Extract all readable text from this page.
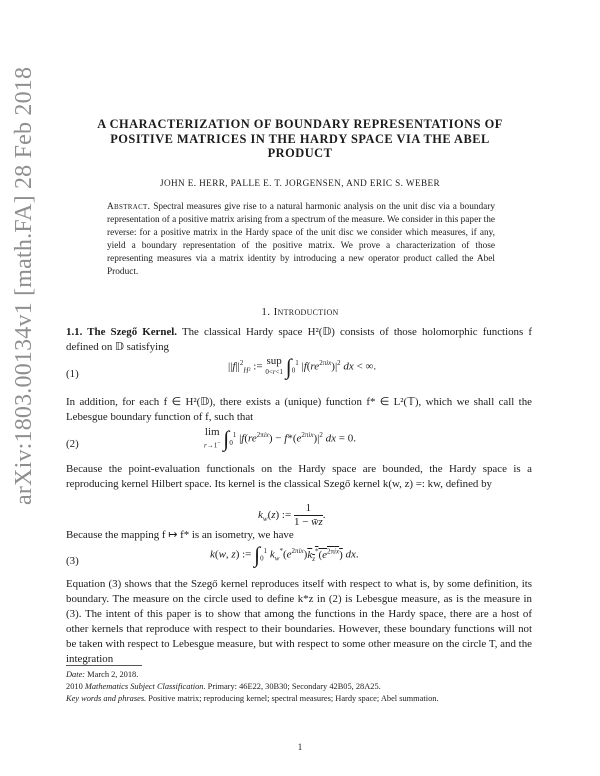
arXiv:1803.00134v1 [math.FA] 28 Feb 2018	A CHARACTERIZATION OF BOUNDARY REPRESENTATIONS OF POSITIVE MATRICES IN THE HARDY SPACE VIA THE ABEL PRODUCT
JOHN E. HERR, PALLE E. T. JORGENSEN, AND ERIC S. WEBER

Abstract. Spectral measures give rise to a natural harmonic analysis on the unit disc via a boundary representation of a positive matrix arising from a spectrum of the measure. We consider in this paper the reverse: for a positive matrix in the Hardy space of the unit disc we consider which measures, if any, yield a boundary representation of the positive matrix. We prove a characterization of those representing measures via a matrix identity by introducing a new operator product called the Abel Product.

1. Introduction

1.1. The Szegő Kernel. The classical Hardy space H²(𝔻) consists of those holomorphic functions f defined on 𝔻 satisfying

(1)
$||f||^2_{H^2}$ := sup
0<r<1 $\int_0^1$ $|f(re^{2\pi ix})|^2$ dx < ∞.

In addition, for each f ∈ H²(𝔻), there exists a (unique) function f* ∈ L²(𝕋), which we shall call the Lebesgue boundary function of f, such that

(2)
lim
r→1− $\int_0^1$ $|f(re^{2\pi ix}) - f*(e^{2\pi ix})|^2$ dx = 0.

Because the point-evaluation functionals on the Hardy space are bounded, the Hardy space is a reproducing kernel Hilbert space. Its kernel is the classical Szegő kernel k(w, z) =: kw, defined by

$k_w(z)$ := $\frac{1}{1 - w̄z}$ .

Because the mapping f ↦ f* is an isometry, we have

(3)
k(w, z) := $\int_0^1$ $k_w^*(e^{2\pi ix})k_z^*(e^{2\pi ix})$ dx.

Equation (3) shows that the Szegő kernel reproduces itself with respect to what is, by some definition, its boundary. The measure on the circle used to define k*z in (2) is Lebesgue measure, as is the measure in (3). The intent of this paper is to show that among the functions in the Hardy space, there are a host of other kernels that reproduce with respect to their boundaries. However, these boundary functions will not be taken with respect to Lebesgue measure, but with respect to some other measure on the circle T, and the integration

Date: March 2, 2018.

2010 Mathematics Subject Classification. Primary: 46E22, 30B30; Secondary 42B05, 28A25.

Key words and phrases. Positive matrix; reproducing kernel; spectral measures; Hardy space; Abel summation.

1
